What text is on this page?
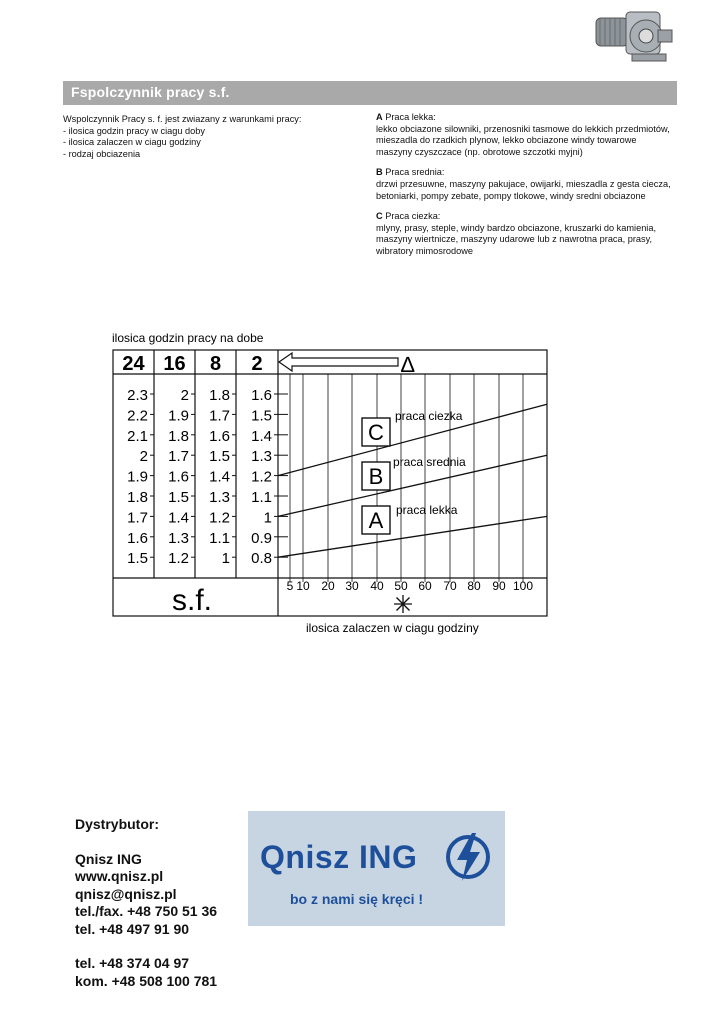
Fspolczynnik pracy s.f.
Wspolczynnik Pracy s. f. jest zwiazany z warunkami pracy:
- ilosica godzin pracy w ciagu doby
- ilosica zalaczen w ciagu godziny
- rodzaj obciazenia
A Praca lekka:
lekko obciazone silowniki, przenosniki tasmowe do lekkich przedmiotów,
mieszadla do rzadkich plynow, lekko obciazone windy towarowe
maszyny czyszczace (np. obrotowe szczotki myjni)
B Praca srednia:
drzwi przesuwne, maszyny pakujace, owijarki, mieszadla z gesta ciecza,
betoniarki, pompy zebate, pompy tlokowe, windy sredni obciazone
C Praca ciezka:
mlyny, prasy, steple, windy bardzo obciazone, kruszarki do kamienia,
maszyny wiertnicze, maszyny udarowe lub z nawrotna praca, prasy,
wibratory mimosrodowe
ilosica godzin pracy na dobe
ilosica zalaczen w ciagu godziny
24 16 8 2
2.3
2.2
2.1
2
1.9
1.8
1.7
1.6
1.5
2
1.9
1.8
1.7
1.6
1.5
1.4
1.3
1.2
1.8
1.7
1.6
1.5
1.4
1.3
1.2
1.1
1
1.6
1.5
1.4
1.3
1.2
1.1
1
0.9
0.8
5 10 20 30 40 50 60 70 80 90 100
A praca lekka
B
praca srednia
C
praca ciezka
s.f.
∆
Dystrybutor:
Qnisz ING
www.qnisz.pl
qnisz@qnisz.pl
tel./fax. +48 750 51 36
tel. +48 497 91 90
tel. +48 374 04 97
kom. +48 508 100 781
Qnisz ING
bo z nami się kręci !
